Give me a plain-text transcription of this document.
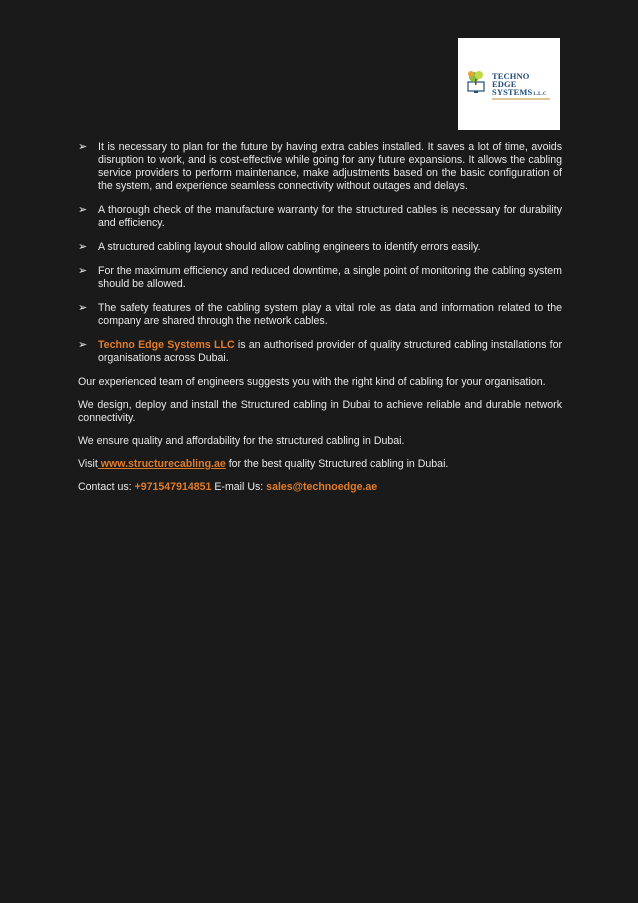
TECHNO
EDGE
SYSTEMSL.L.C
➢ It is necessary to plan for the future by having extra cables installed. It saves a lot of time, avoids disruption to work, and is cost-effective while going for any future expansions. It allows the cabling service providers to perform maintenance, make adjustments based on the basic configuration of the system, and experience seamless connectivity without outages and delays.
➢ A thorough check of the manufacture warranty for the structured cables is necessary for durability and efficiency.
➢ A structured cabling layout should allow cabling engineers to identify errors easily.
➢ For the maximum efficiency and reduced downtime, a single point of monitoring the cabling system should be allowed.
➢ The safety features of the cabling system play a vital role as data and information related to the company are shared through the network cables.
➢ Techno Edge Systems LLC is an authorised provider of quality structured cabling installations for organisations across Dubai.
Our experienced team of engineers suggests you with the right kind of cabling for your organisation.
We design, deploy and install the Structured cabling in Dubai to achieve reliable and durable network connectivity.
We ensure quality and affordability for the structured cabling in Dubai.
Visit www.structurecabling.ae for the best quality Structured cabling in Dubai.
Contact us: +971547914851 E-mail Us: sales@technoedge.ae
